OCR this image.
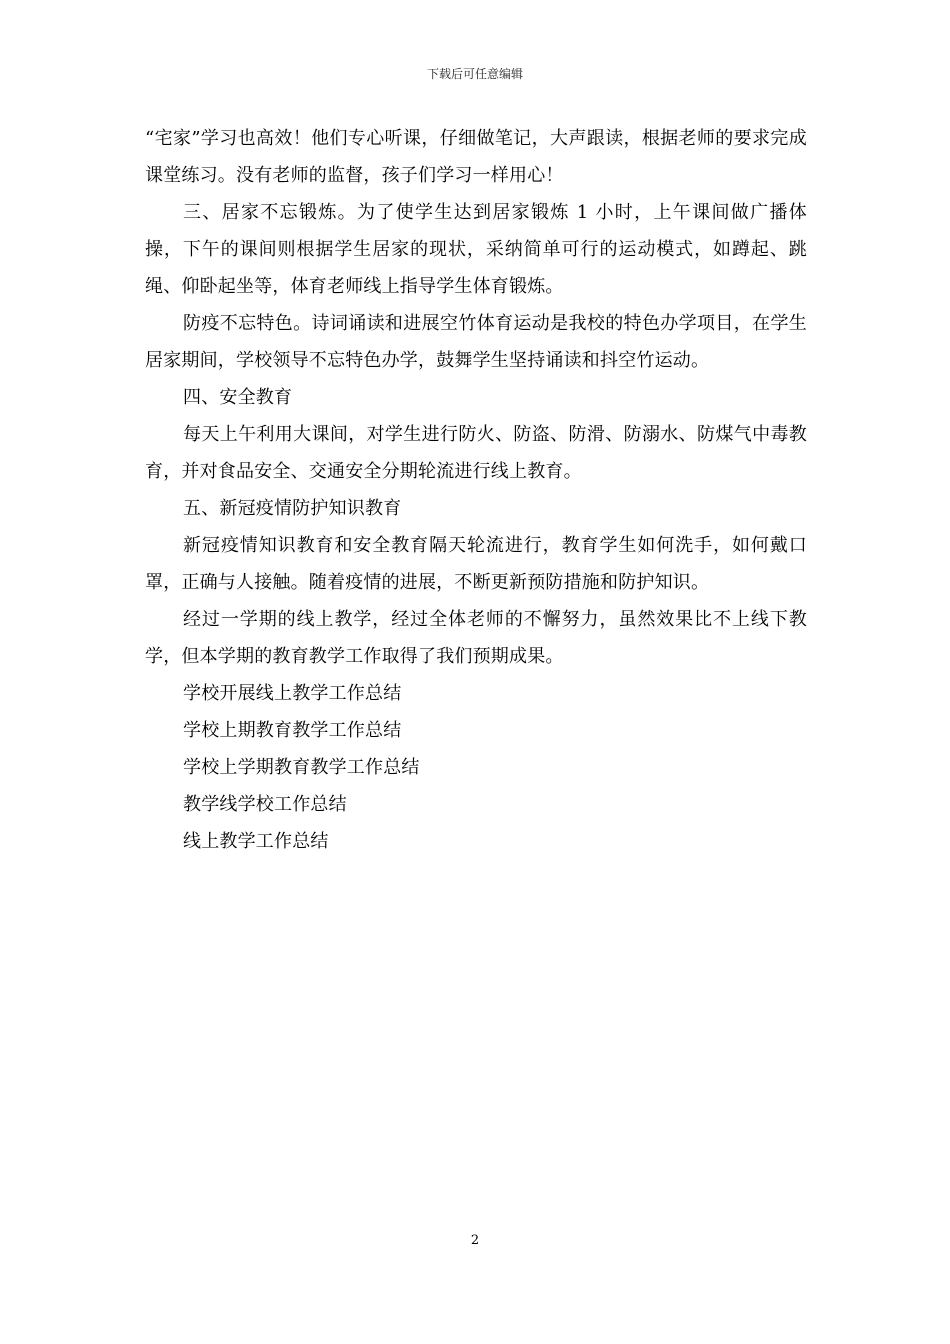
下载后可任意编辑

“宅家”学习也高效！他们专心听课，仔细做笔记，大声跟读，根据老师的要求完成课堂练习。没有老师的监督，孩子们学习一样用心！

三、居家不忘锻炼。为了使学生达到居家锻炼 1 小时，上午课间做广播体操，下午的课间则根据学生居家的现状，采纳简单可行的运动模式，如蹲起、跳绳、仰卧起坐等，体育老师线上指导学生体育锻炼。

防疫不忘特色。诗词诵读和进展空竹体育运动是我校的特色办学项目，在学生居家期间，学校领导不忘特色办学，鼓舞学生坚持诵读和抖空竹运动。

四、安全教育

每天上午利用大课间，对学生进行防火、防盗、防滑、防溺水、防煤气中毒教育，并对食品安全、交通安全分期轮流进行线上教育。

五、新冠疫情防护知识教育

新冠疫情知识教育和安全教育隔天轮流进行，教育学生如何洗手，如何戴口罩，正确与人接触。随着疫情的进展，不断更新预防措施和防护知识。

经过一学期的线上教学，经过全体老师的不懈努力，虽然效果比不上线下教学，但本学期的教育教学工作取得了我们预期成果。

学校开展线上教学工作总结

学校上期教育教学工作总结

学校上学期教育教学工作总结

教学线学校工作总结

线上教学工作总结

2
